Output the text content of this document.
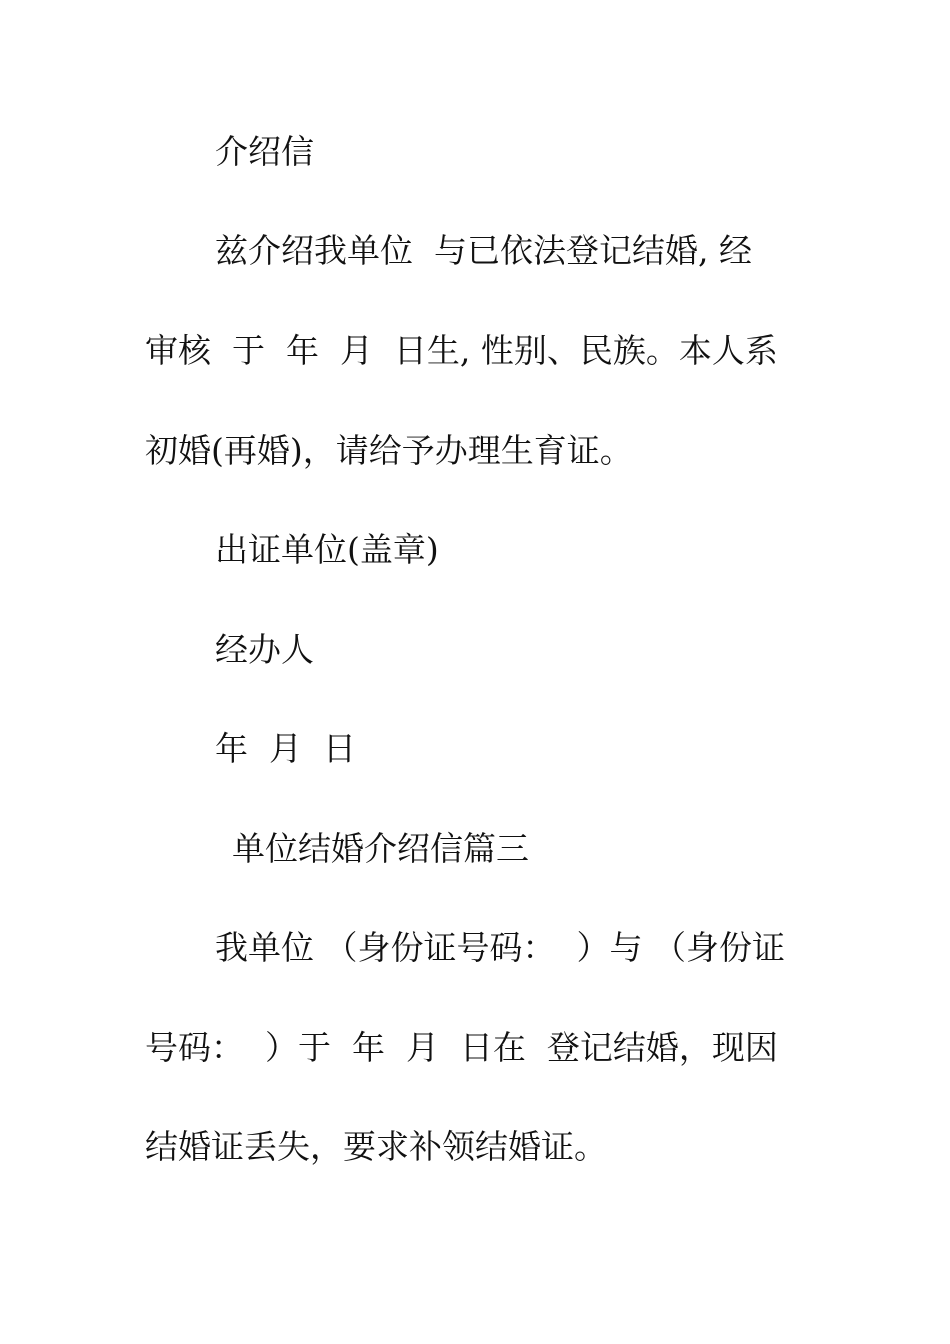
介绍信
兹介绍我单位  与已依法登记结婚, 经
审核  于  年  月  日生, 性别、民族。本人系
初婚(再婚)，请给予办理生育证。
出证单位(盖章)
经办人
年  月  日
单位结婚介绍信篇三
我单位 （身份证号码：  ）与 （身份证
号码：  ）于  年  月  日在  登记结婚，现因
结婚证丢失，要求补领结婚证。
